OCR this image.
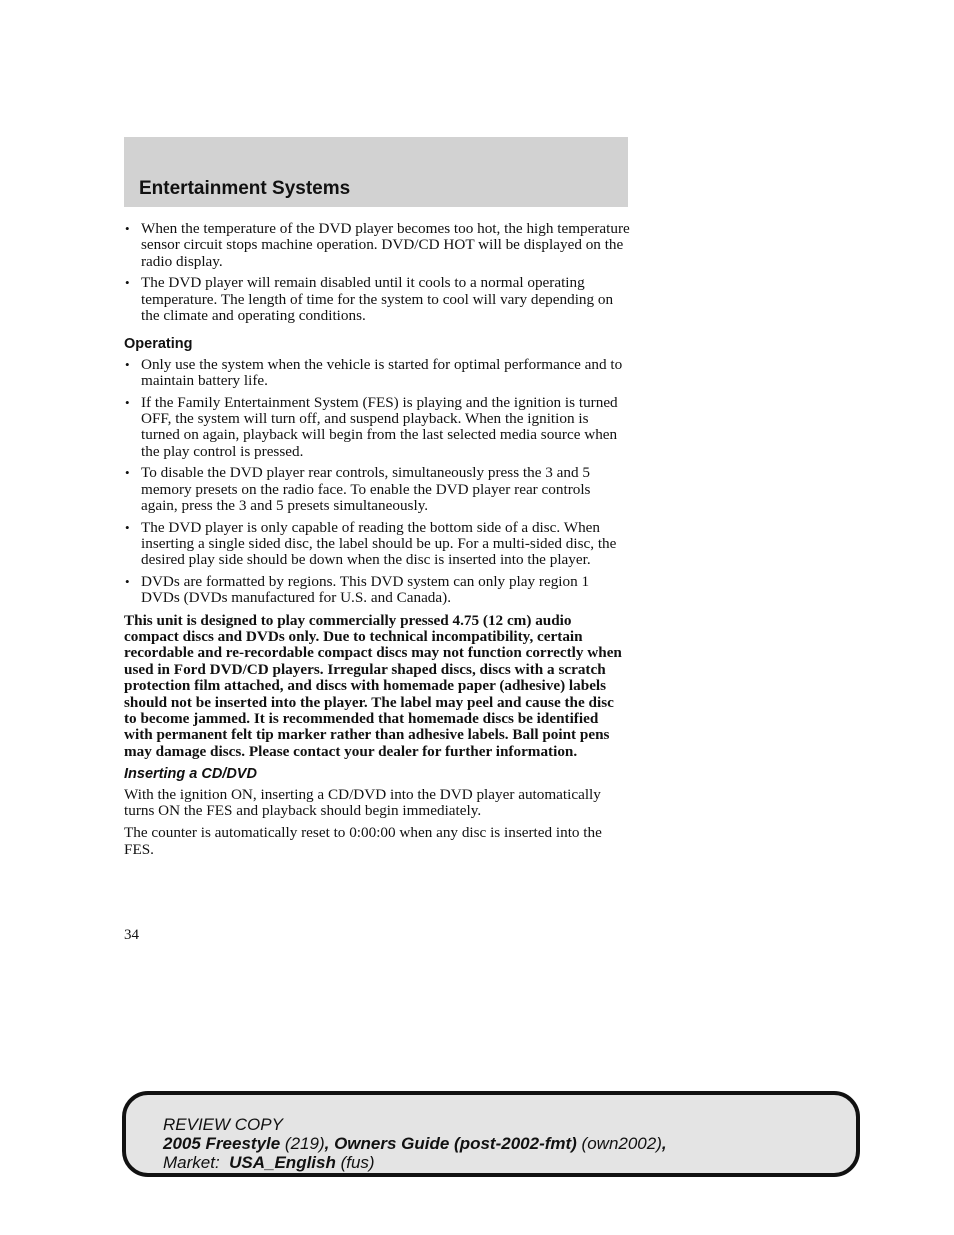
Entertainment Systems
• When the temperature of the DVD player becomes too hot, the high temperature sensor circuit stops machine operation. DVD/CD HOT will be displayed on the radio display.
• The DVD player will remain disabled until it cools to a normal operating temperature. The length of time for the system to cool will vary depending on the climate and operating conditions.
Operating
• Only use the system when the vehicle is started for optimal performance and to maintain battery life.
• If the Family Entertainment System (FES) is playing and the ignition is turned OFF, the system will turn off, and suspend playback. When the ignition is turned on again, playback will begin from the last selected media source when the play control is pressed.
• To disable the DVD player rear controls, simultaneously press the 3 and 5 memory presets on the radio face. To enable the DVD player rear controls again, press the 3 and 5 presets simultaneously.
• The DVD player is only capable of reading the bottom side of a disc. When inserting a single sided disc, the label should be up. For a multi-sided disc, the desired play side should be down when the disc is inserted into the player.
• DVDs are formatted by regions. This DVD system can only play region 1 DVDs (DVDs manufactured for U.S. and Canada).
This unit is designed to play commercially pressed 4.75 (12 cm) audio compact discs and DVDs only. Due to technical incompatibility, certain recordable and re-recordable compact discs may not function correctly when used in Ford DVD/CD players. Irregular shaped discs, discs with a scratch protection film attached, and discs with homemade paper (adhesive) labels should not be inserted into the player. The label may peel and cause the disc to become jammed. It is recommended that homemade discs be identified with permanent felt tip marker rather than adhesive labels. Ball point pens may damage discs. Please contact your dealer for further information.
Inserting a CD/DVD

With the ignition ON, inserting a CD/DVD into the DVD player automatically turns ON the FES and playback should begin immediately.

The counter is automatically reset to 0:00:00 when any disc is inserted into the FES.

34
REVIEW COPY
2005 Freestyle (219), Owners Guide (post-2002-fmt) (own2002),
Market:  USA_English (fus)
